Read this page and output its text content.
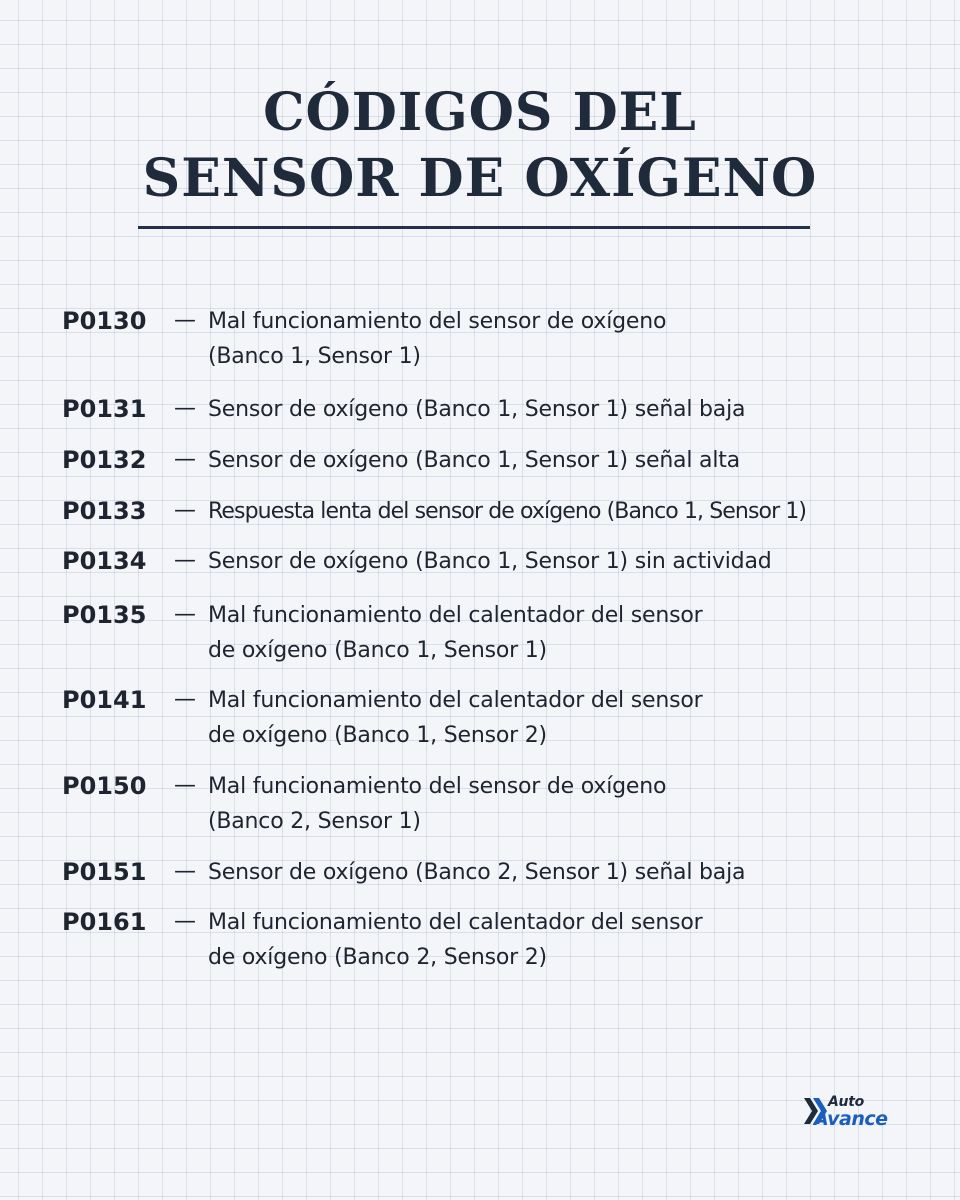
CÓDIGOS DEL
SENSOR DE OXÍGENO
P0130	— Mal funcionamiento del sensor de oxígeno
(Banco 1, Sensor 1)
P0131	— Sensor de oxígeno (Banco 1, Sensor 1) señal baja
P0132	— Sensor de oxígeno (Banco 1, Sensor 1) señal alta
P0133	— Respuesta lenta del sensor de oxígeno (Banco 1, Sensor 1)
P0134	— Sensor de oxígeno (Banco 1, Sensor 1) sin actividad
P0135	— Mal funcionamiento del calentador del sensor
de oxígeno (Banco 1, Sensor 1)
P0141	— Mal funcionamiento del calentador del sensor
de oxígeno (Banco 1, Sensor 2)
P0150	— Mal funcionamiento del sensor de oxígeno
(Banco 2, Sensor 1)
P0151	— Sensor de oxígeno (Banco 2, Sensor 1) señal baja
P0161	— Mal funcionamiento del calentador del sensor
de oxígeno (Banco 2, Sensor 2)
Auto
Avance
